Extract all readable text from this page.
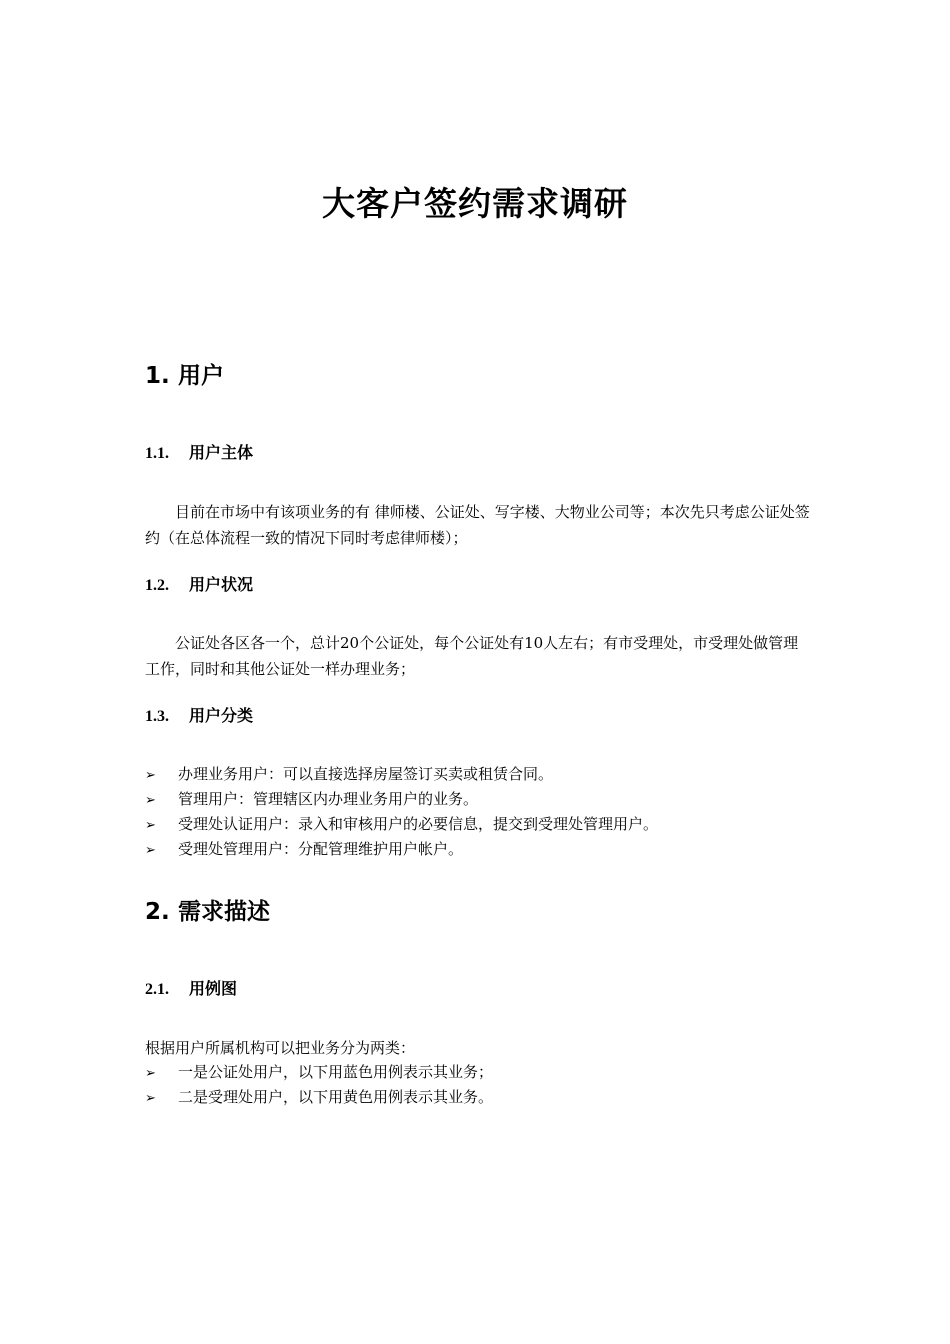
大客户签约需求调研
1. 用户
1.1. 用户主体
目前在市场中有该项业务的有 律师楼、公证处、写字楼、大物业公司等；本次先只考虑公证处签约（在总体流程一致的情况下同时考虑律师楼）；
1.2. 用户状况
公证处各区各一个，总计20个公证处，每个公证处有10人左右；有市受理处，市受理处做管理工作，同时和其他公证处一样办理业务；
1.3. 用户分类
➢ 办理业务用户：可以直接选择房屋签订买卖或租赁合同。
➢ 管理用户：管理辖区内办理业务用户的业务。
➢ 受理处认证用户：录入和审核用户的必要信息，提交到受理处管理用户。
➢ 受理处管理用户：分配管理维护用户帐户。
2. 需求描述
2.1. 用例图
根据用户所属机构可以把业务分为两类：
➢ 一是公证处用户，以下用蓝色用例表示其业务；
➢ 二是受理处用户，以下用黄色用例表示其业务。
